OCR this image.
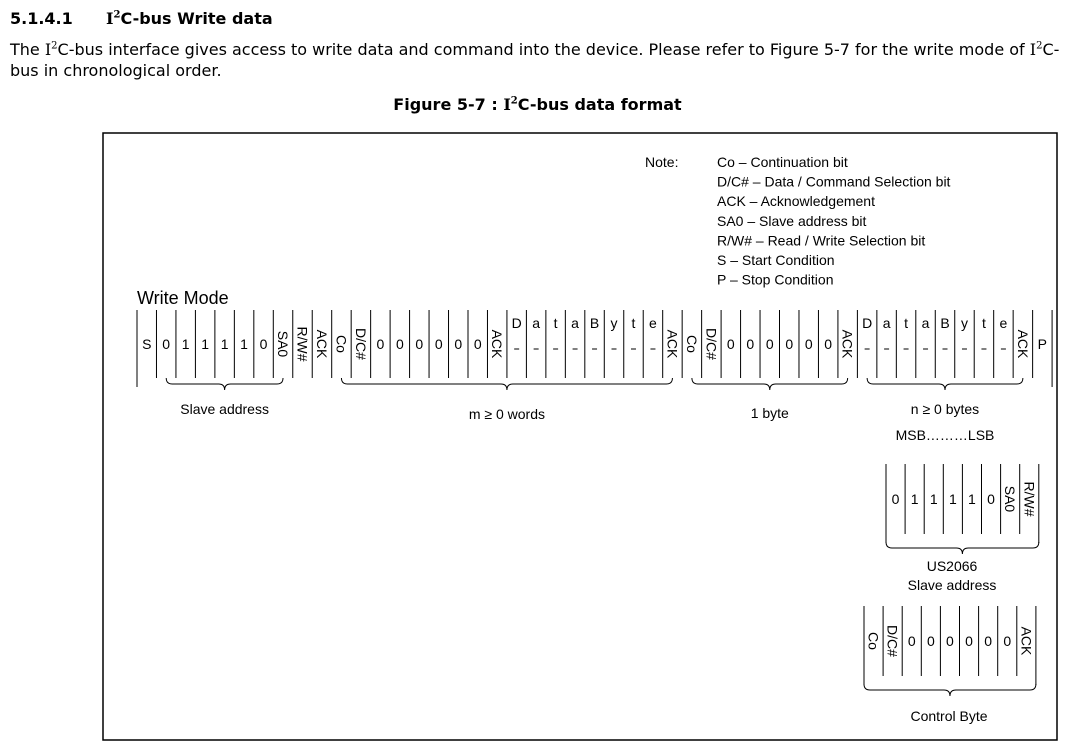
5.1.4.1 $I^2C$-bus Write data
The $I^2C$-bus interface gives access to write data and command into the device. Please refer to Figure 5-7 for the write mode of $I^2C$-bus in chronological order.
Figure 5-7 : $I^2C$-bus data format
Note:	Co – Continuation bit
D/C# – Data / Command Selection bit
ACK – Acknowledgement
SA0 – Slave address bit
R/W# – Read / Write Selection bit
S – Start Condition
P – Stop Condition
Write Mode
S 0 1 1 1 1 0 SA0 R/W# ACK Co D/C# 0 0 0 0 0 0 ACK
D a t a B y t e
ACK Co D/C# 0 0 0 0 0 0 ACK
D a t a B y t e
ACK P
Slave address	m ≥ 0 words	1 byte	n ≥ 0 bytes
MSB………LSB
0 1 1 1 1 0 SA0 R/W#
US2066
Slave address
Co D/C# 0 0 0 0 0 0 ACK
Control Byte
